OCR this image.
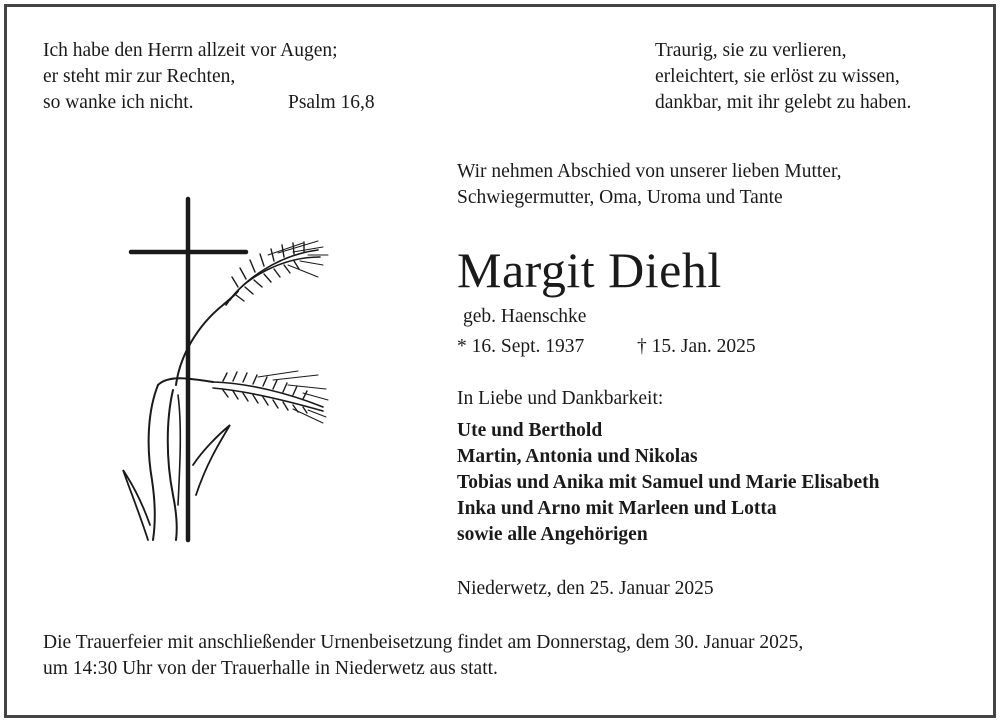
Ich habe den Herrn allzeit vor Augen;
er steht mir zur Rechten,
so wanke ich nicht.	Psalm 16,8
Traurig, sie zu verlieren,
erleichtert, sie erlöst zu wissen,
dankbar, mit ihr gelebt zu haben.
Wir nehmen Abschied von unserer lieben Mutter,
Schwiegermutter, Oma, Uroma und Tante
Margit Diehl
geb. Haenschke
* 16. Sept. 1937	† 15. Jan. 2025
In Liebe und Dankbarkeit:
Ute und Berthold
Martin, Antonia und Nikolas
Tobias und Anika mit Samuel und Marie Elisabeth
Inka und Arno mit Marleen und Lotta
sowie alle Angehörigen
Niederwetz, den 25. Januar 2025
Die Trauerfeier mit anschließender Urnenbeisetzung findet am Donnerstag, dem 30. Januar 2025,
um 14:30 Uhr von der Trauerhalle in Niederwetz aus statt.
